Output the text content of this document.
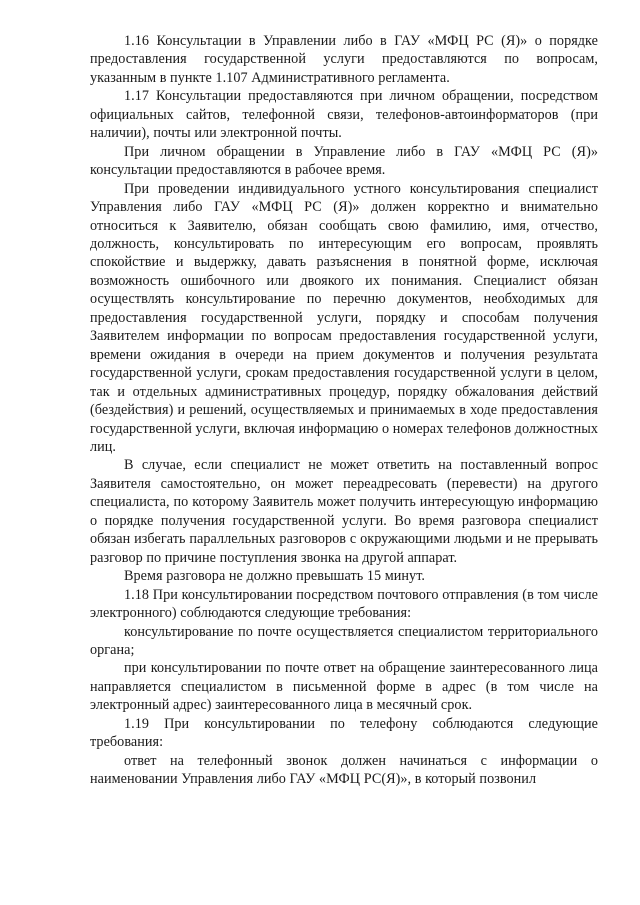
1.16 Консультации в Управлении либо в ГАУ «МФЦ РС (Я)» о порядке предоставления государственной услуги предоставляются по вопросам, указанным в пункте 1.107 Административного регламента.

1.17 Консультации предоставляются при личном обращении, посредством официальных сайтов, телефонной связи, телефонов-автоинформаторов (при наличии), почты или электронной почты.

При личном обращении в Управление либо в ГАУ «МФЦ РС (Я)» консультации предоставляются в рабочее время.

При проведении индивидуального устного консультирования специалист Управления либо ГАУ «МФЦ РС (Я)» должен корректно и внимательно относиться к Заявителю, обязан сообщать свою фамилию, имя, отчество, должность, консультировать по интересующим его вопросам, проявлять спокойствие и выдержку, давать разъяснения в понятной форме, исключая возможность ошибочного или двоякого их понимания. Специалист обязан осуществлять консультирование по перечню документов, необходимых для предоставления государственной услуги, порядку и способам получения Заявителем информации по вопросам предоставления государственной услуги, времени ожидания в очереди на прием документов и получения результата государственной услуги, срокам предоставления государственной услуги в целом, так и отдельных административных процедур, порядку обжалования действий (бездействия) и решений, осуществляемых и принимаемых в ходе предоставления государственной услуги, включая информацию о номерах телефонов должностных лиц.

В случае, если специалист не может ответить на поставленный вопрос Заявителя самостоятельно, он может переадресовать (перевести) на другого специалиста, по которому Заявитель может получить интересующую информацию о порядке получения государственной услуги. Во время разговора специалист обязан избегать параллельных разговоров с окружающими людьми и не прерывать разговор по причине поступления звонка на другой аппарат.

Время разговора не должно превышать 15 минут.

1.18 При консультировании посредством почтового отправления (в том числе электронного) соблюдаются следующие требования:

консультирование по почте осуществляется специалистом территориального органа;

при консультировании по почте ответ на обращение заинтересованного лица направляется специалистом в письменной форме в адрес (в том числе на электронный адрес) заинтересованного лица в месячный срок.

1.19 При консультировании по телефону соблюдаются следующие требования:

ответ на телефонный звонок должен начинаться с информации о наименовании Управления либо ГАУ «МФЦ РС(Я)», в который позвонил
